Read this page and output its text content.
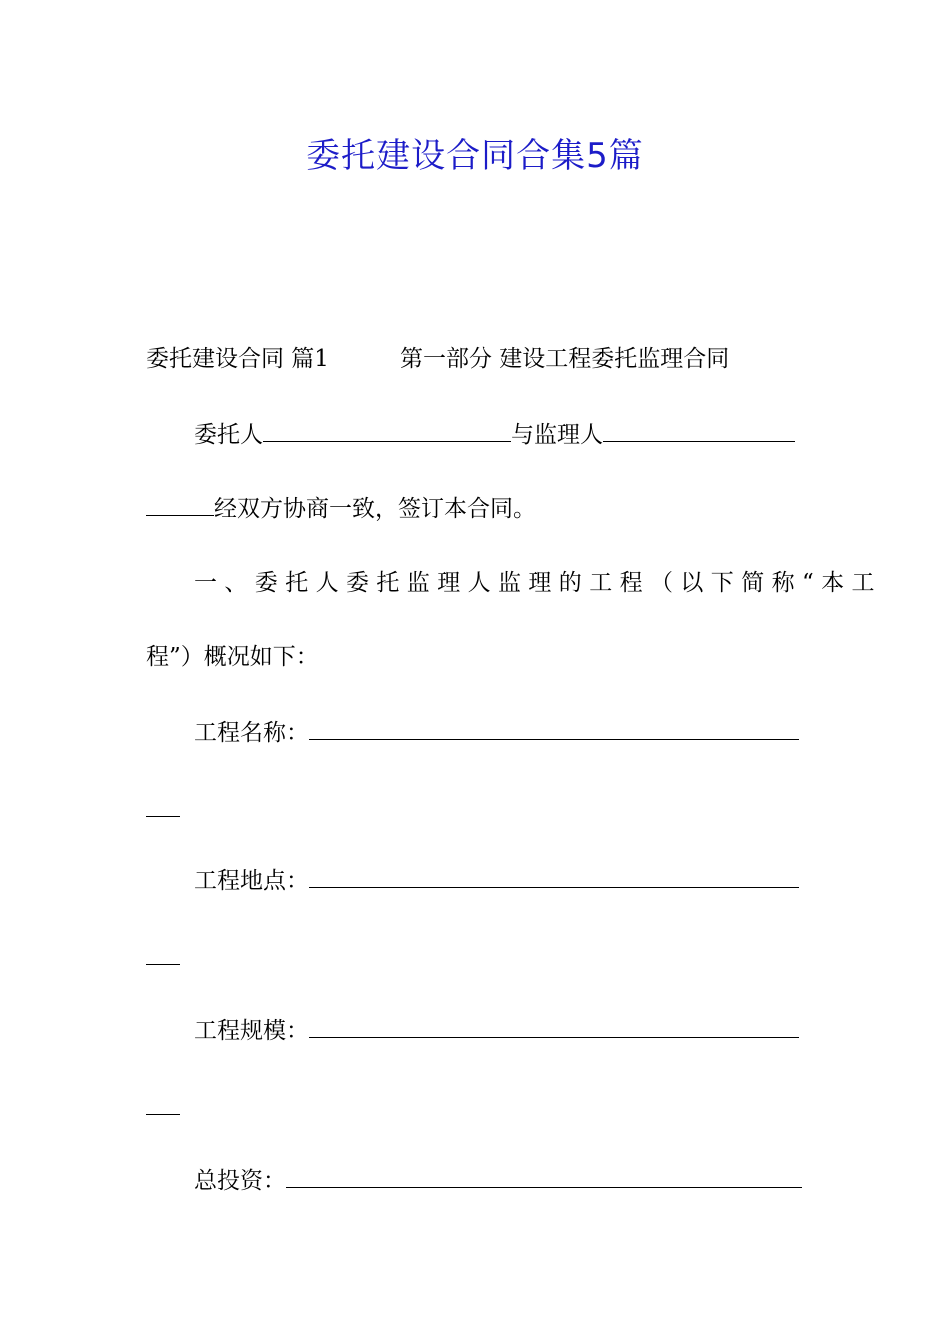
委托建设合同合集5篇
委托建设合同 篇1	第一部分 建设工程委托监理合同
委托人	与监理人
经双方协商一致，签订本合同。
一、委托人委托监理人监理的工程（以下简称“本工
程”）概况如下：
工程名称：
工程地点：
工程规模：
总投资：
